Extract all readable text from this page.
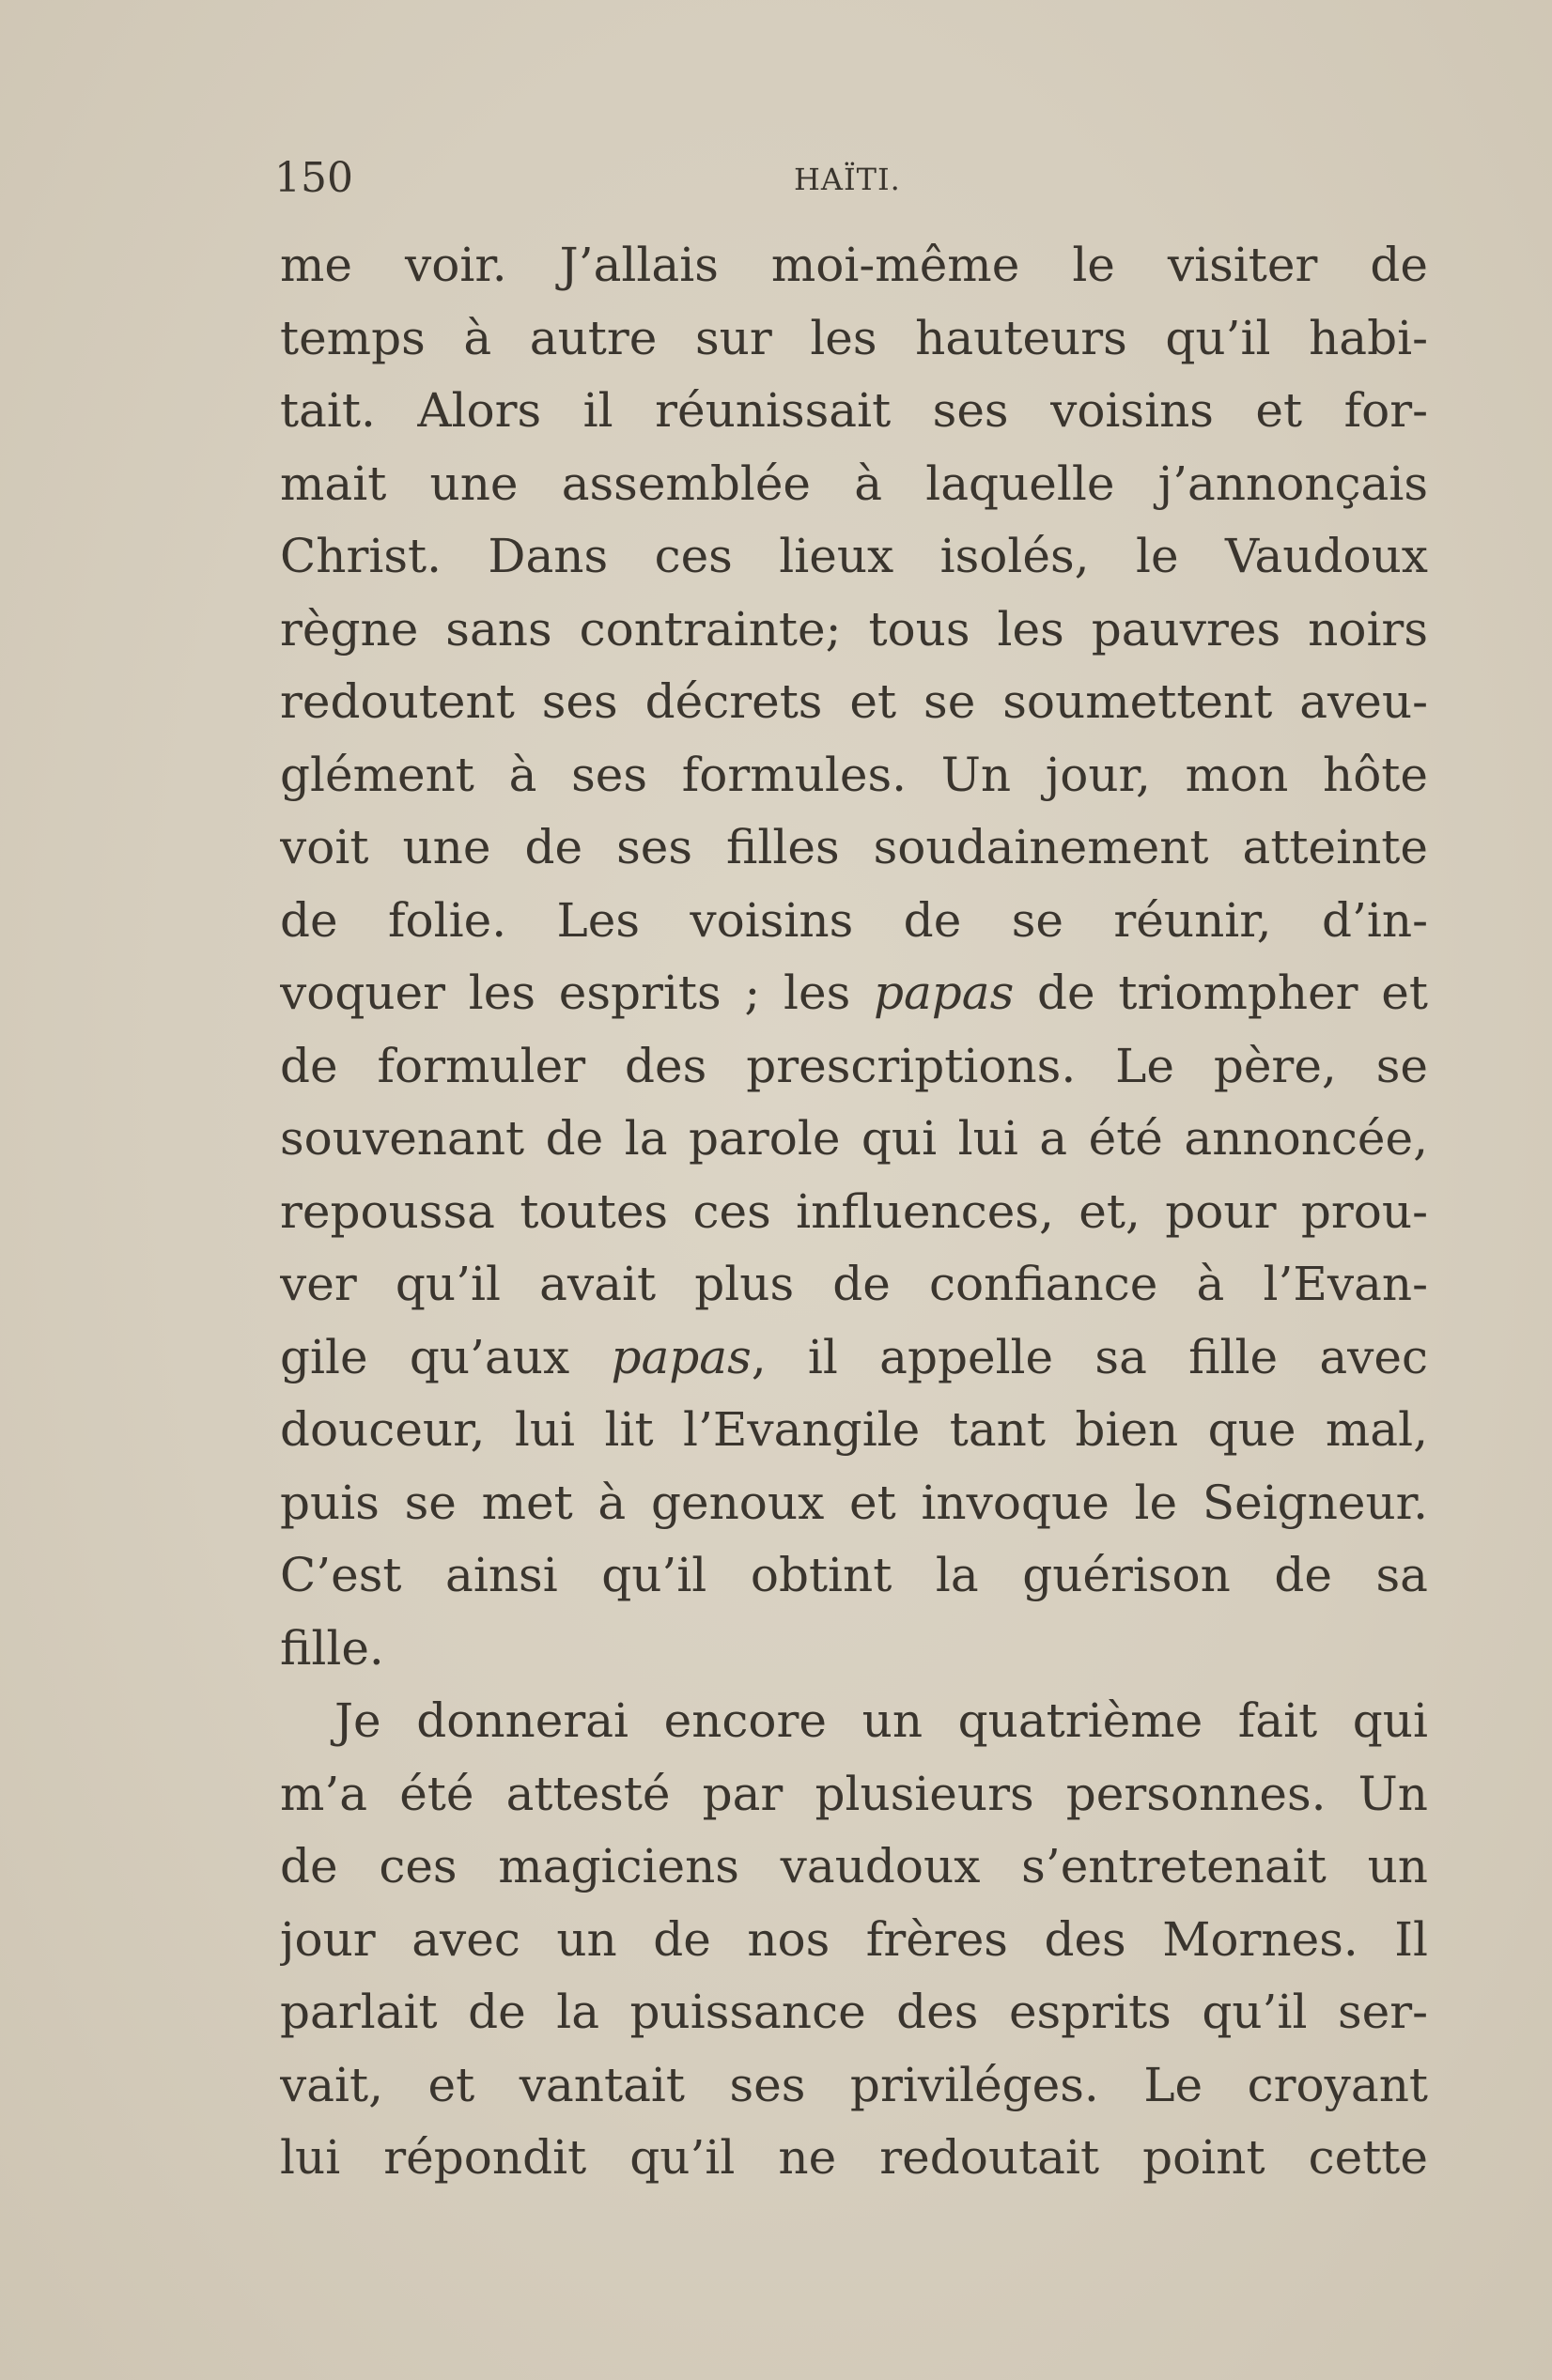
150	HAÏTI.
me voir. J’allais moi-même le visiter de
temps à autre sur les hauteurs qu’il habi-
tait. Alors il réunissait ses voisins et for-
mait une assemblée à laquelle j’annonçais
Christ. Dans ces lieux isolés, le Vaudoux
règne sans contrainte; tous les pauvres noirs
redoutent ses décrets et se soumettent aveu-
glément à ses formules. Un jour, mon hôte
voit une de ses filles soudainement atteinte
de folie. Les voisins de se réunir, d’in-
voquer les esprits ; les papas de triompher et
de formuler des prescriptions. Le père, se
souvenant de la parole qui lui a été annoncée,
repoussa toutes ces influences, et, pour prou-
ver qu’il avait plus de confiance à l’Evan-
gile qu’aux papas, il appelle sa fille avec
douceur, lui lit l’Evangile tant bien que mal,
puis se met à genoux et invoque le Seigneur.
C’est ainsi qu’il obtint la guérison de sa
fille.
Je donnerai encore un quatrième fait qui
m’a été attesté par plusieurs personnes. Un
de ces magiciens vaudoux s’entretenait un
jour avec un de nos frères des Mornes. Il
parlait de la puissance des esprits qu’il ser-
vait, et vantait ses priviléges. Le croyant
lui répondit qu’il ne redoutait point cette
